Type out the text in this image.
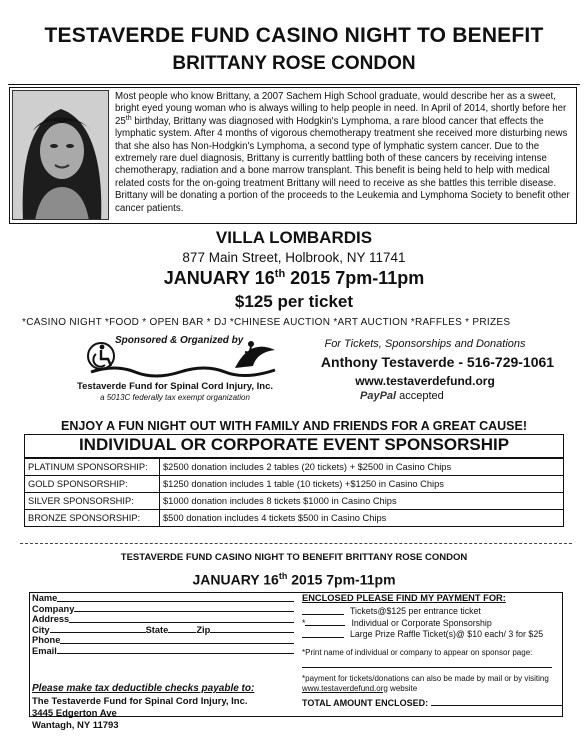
TESTAVERDE FUND CASINO NIGHT TO BENEFIT
BRITTANY ROSE CONDON
Most people who know Brittany, a 2007 Sachem High School graduate, would describe her as a sweet, bright eyed young woman who is always willing to help people in need. In April of 2014, shortly before her 25th birthday, Brittany was diagnosed with Hodgkin's Lymphoma, a rare blood cancer that effects the lymphatic system. After 4 months of vigorous chemotherapy treatment she received more disturbing news that she also has Non-Hodgkin's Lymphoma, a second type of lymphatic system cancer. Due to the extremely rare duel diagnosis, Brittany is currently battling both of these cancers by receiving intense chemotherapy, radiation and a bone marrow transplant. This benefit is being held to help with medical related costs for the on-going treatment Brittany will need to receive as she battles this terrible disease. Brittany will be donating a portion of the proceeds to the Leukemia and Lymphoma Society to benefit other cancer patients.
VILLA LOMBARDIS
877 Main Street, Holbrook, NY 11741
JANUARY 16th 2015 7pm-11pm
$125 per ticket
*CASINO NIGHT *FOOD * OPEN BAR * DJ *CHINESE AUCTION *ART AUCTION *RAFFLES * PRIZES
Sponsored & Organized by
Testaverde Fund for Spinal Cord Injury, Inc.
a 5013C federally tax exempt organization
For Tickets, Sponsorships and Donations
Anthony Testaverde - 516-729-1061
www.testaverdefund.org
PayPal accepted
ENJOY A FUN NIGHT OUT WITH FAMILY AND FRIENDS FOR A GREAT CAUSE!
INDIVIDUAL OR CORPORATE EVENT SPONSORSHIP
PLATINUM SPONSORSHIP:	$2500 donation includes 2 tables (20 tickets) + $2500 in Casino Chips
GOLD SPONSORSHIP:	$1250 donation includes 1 table (10 tickets) +$1250 in Casino Chips
SILVER SPONSORSHIP:	$1000 donation includes 8 tickets $1000 in Casino Chips
BRONZE SPONSORSHIP:	$500 donation includes 4 tickets $500 in Casino Chips
TESTAVERDE FUND CASINO NIGHT TO BENEFIT BRITTANY ROSE CONDON
JANUARY 16th 2015 7pm-11pm
Name
Company
Address
City	State	Zip
Phone
Email
Please make tax deductible checks payable to:
The Testaverde Fund for Spinal Cord Injury, Inc.
3445 Edgerton Ave
Wantagh, NY 11793
ENCLOSED PLEASE FIND MY PAYMENT FOR:
Tickets@$125 per entrance ticket
*	Individual or Corporate Sponsorship
Large Prize Raffle Ticket(s)@ $10 each/ 3 for $25
*Print name of individual or company to appear on sponsor page:
*payment for tickets/donations can also be made by mail or by visiting www.testaverdefund.org website
TOTAL AMOUNT ENCLOSED:
